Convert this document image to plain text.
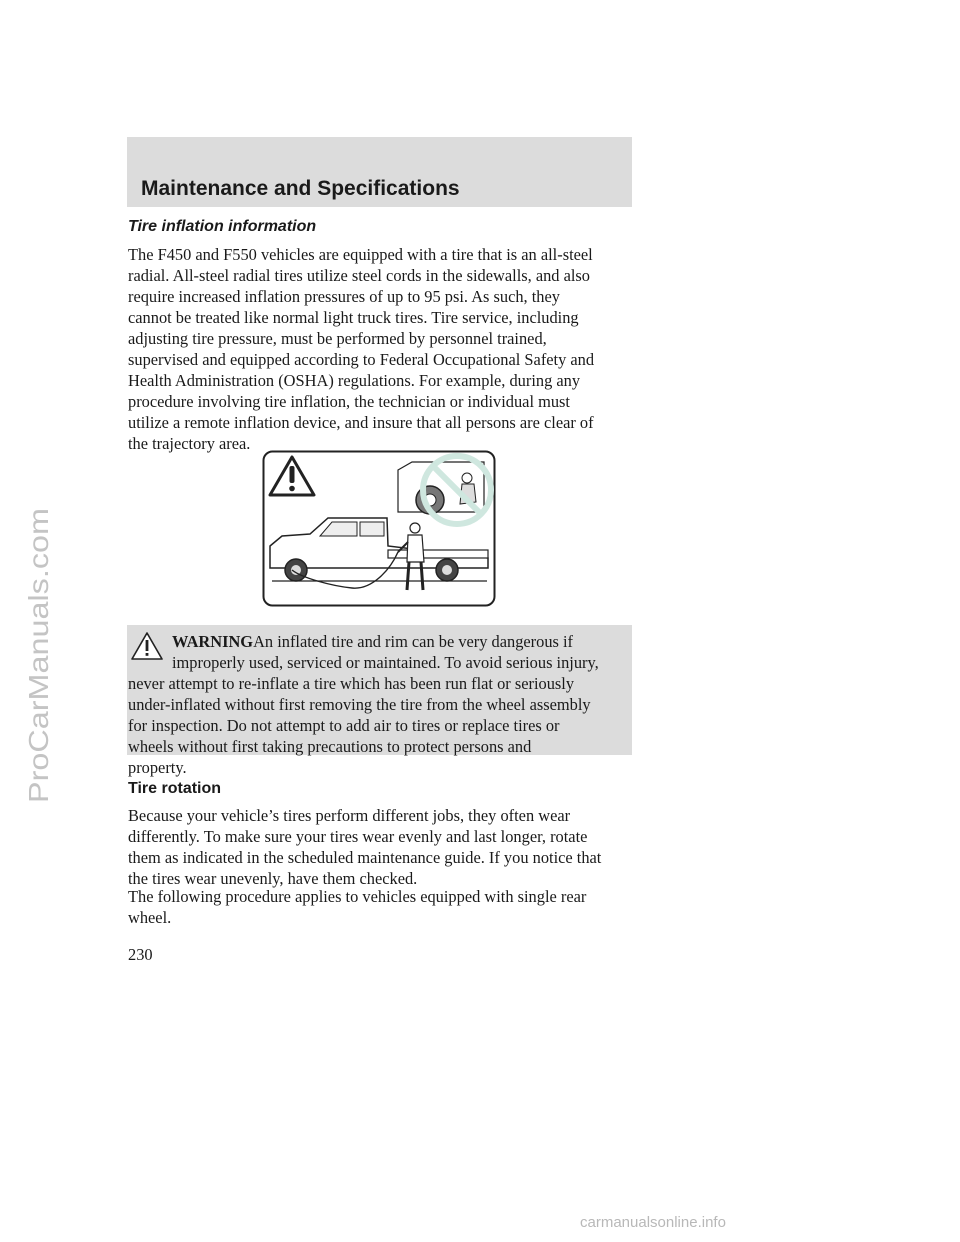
ProCarManuals.com
Maintenance and Specifications
Tire inflation information
The F450 and F550 vehicles are equipped with a tire that is an all-steel
radial. All-steel radial tires utilize steel cords in the sidewalls, and also
require increased inflation pressures of up to 95 psi. As such, they
cannot be treated like normal light truck tires. Tire service, including
adjusting tire pressure, must be performed by personnel trained,
supervised and equipped according to Federal Occupational Safety and
Health Administration (OSHA) regulations. For example, during any
procedure involving tire inflation, the technician or individual must
utilize a remote inflation device, and insure that all persons are clear of
the trajectory area.
WARNINGAn inflated tire and rim can be very dangerous if
improperly used, serviced or maintained. To avoid serious injury,
never attempt to re-inflate a tire which has been run flat or seriously
under-inflated without first removing the tire from the wheel assembly
for inspection. Do not attempt to add air to tires or replace tires or
wheels without first taking precautions to protect persons and
property.
Tire rotation
Because your vehicle’s tires perform different jobs, they often wear
differently. To make sure your tires wear evenly and last longer, rotate
them as indicated in the scheduled maintenance guide. If you notice that
the tires wear unevenly, have them checked.
The following procedure applies to vehicles equipped with single rear
wheel.
230
carmanualsonline.info
